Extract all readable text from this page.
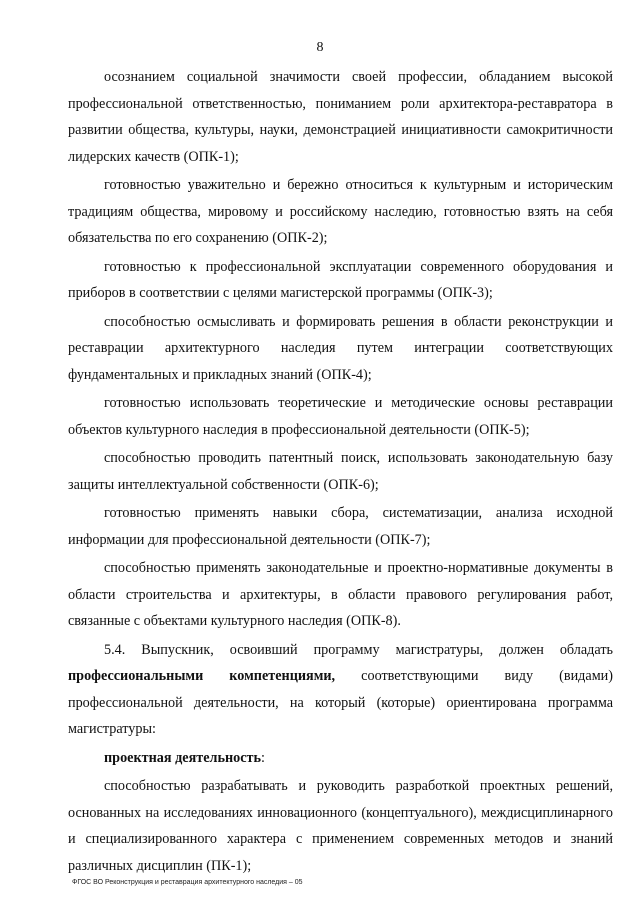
8

осознанием социальной значимости своей профессии, обладанием высокой профессиональной ответственностью, пониманием роли архитектора-реставратора в развитии общества, культуры, науки, демонстрацией инициативности самокритичности лидерских качеств (ОПК-1);

готовностью уважительно и бережно относиться к культурным и историческим традициям общества, мировому и российскому наследию, готовностью взять на себя обязательства по его сохранению (ОПК-2);

готовностью к профессиональной эксплуатации современного оборудования и приборов в соответствии с целями магистерской программы (ОПК-3);

способностью осмысливать и формировать решения в области реконструкции и реставрации архитектурного наследия путем интеграции соответствующих фундаментальных и прикладных знаний (ОПК-4);

готовностью использовать теоретические и методические основы реставрации объектов культурного наследия в профессиональной деятельности (ОПК-5);

способностью проводить патентный поиск, использовать законодательную базу защиты интеллектуальной собственности (ОПК-6);

готовностью применять навыки сбора, систематизации, анализа исходной информации для профессиональной деятельности (ОПК-7);

способностью применять законодательные и проектно-нормативные документы в области строительства и архитектуры, в области правового регулирования работ, связанные с объектами культурного наследия (ОПК-8).

5.4. Выпускник, освоивший программу магистратуры, должен обладать профессиональными компетенциями, соответствующими виду (видами) профессиональной деятельности, на который (которые) ориентирована программа магистратуры:

проектная деятельность:

способностью разрабатывать и руководить разработкой проектных решений, основанных на исследованиях инновационного (концептуального), междисциплинарного и специализированного характера с применением современных методов и знаний различных дисциплин (ПК-1);

ФГОС ВО Реконструкция и реставрация архитектурного наследия – 05
